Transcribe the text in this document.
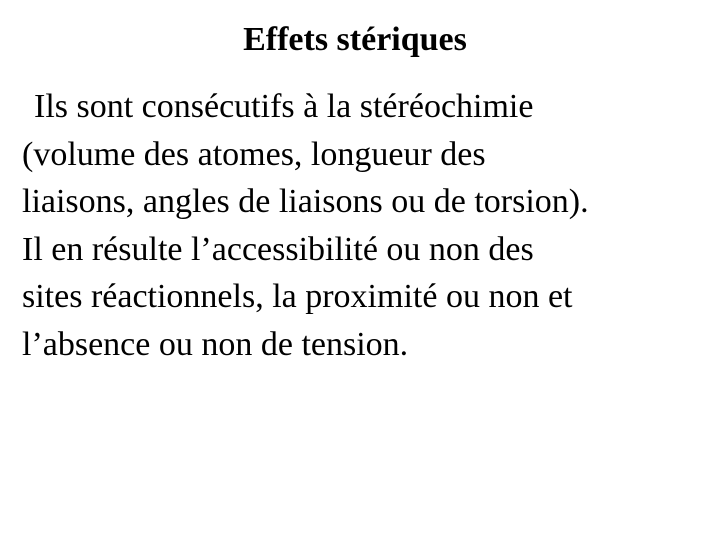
Effets stériques

Ils sont consécutifs à la stéréochimie
(volume des atomes, longueur des
liaisons, angles de liaisons ou de torsion).
Il en résulte l’accessibilité ou non des
sites réactionnels, la proximité ou non et
l’absence ou non de tension.
